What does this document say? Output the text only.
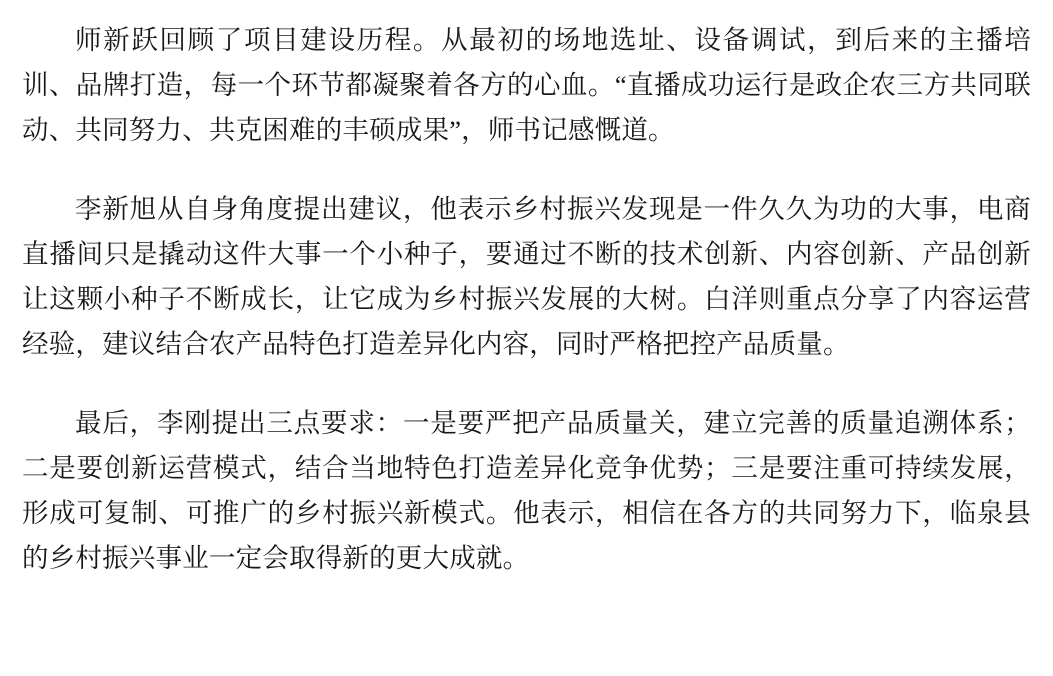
师新跃回顾了项目建设历程。从最初的场地选址、设备调试，到后来的主播培训、品牌打造，每一个环节都凝聚着各方的心血。“直播成功运行是政企农三方共同联动、共同努力、共克困难的丰硕成果”，师书记感慨道。

李新旭从自身角度提出建议，他表示乡村振兴发现是一件久久为功的大事，电商直播间只是撬动这件大事一个小种子，要通过不断的技术创新、内容创新、产品创新让这颗小种子不断成长，让它成为乡村振兴发展的大树。白洋则重点分享了内容运营经验，建议结合农产品特色打造差异化内容，同时严格把控产品质量。

最后，李刚提出三点要求：一是要严把产品质量关，建立完善的质量追溯体系；二是要创新运营模式，结合当地特色打造差异化竞争优势；三是要注重可持续发展，形成可复制、可推广的乡村振兴新模式。他表示，相信在各方的共同努力下，临泉县的乡村振兴事业一定会取得新的更大成就。
